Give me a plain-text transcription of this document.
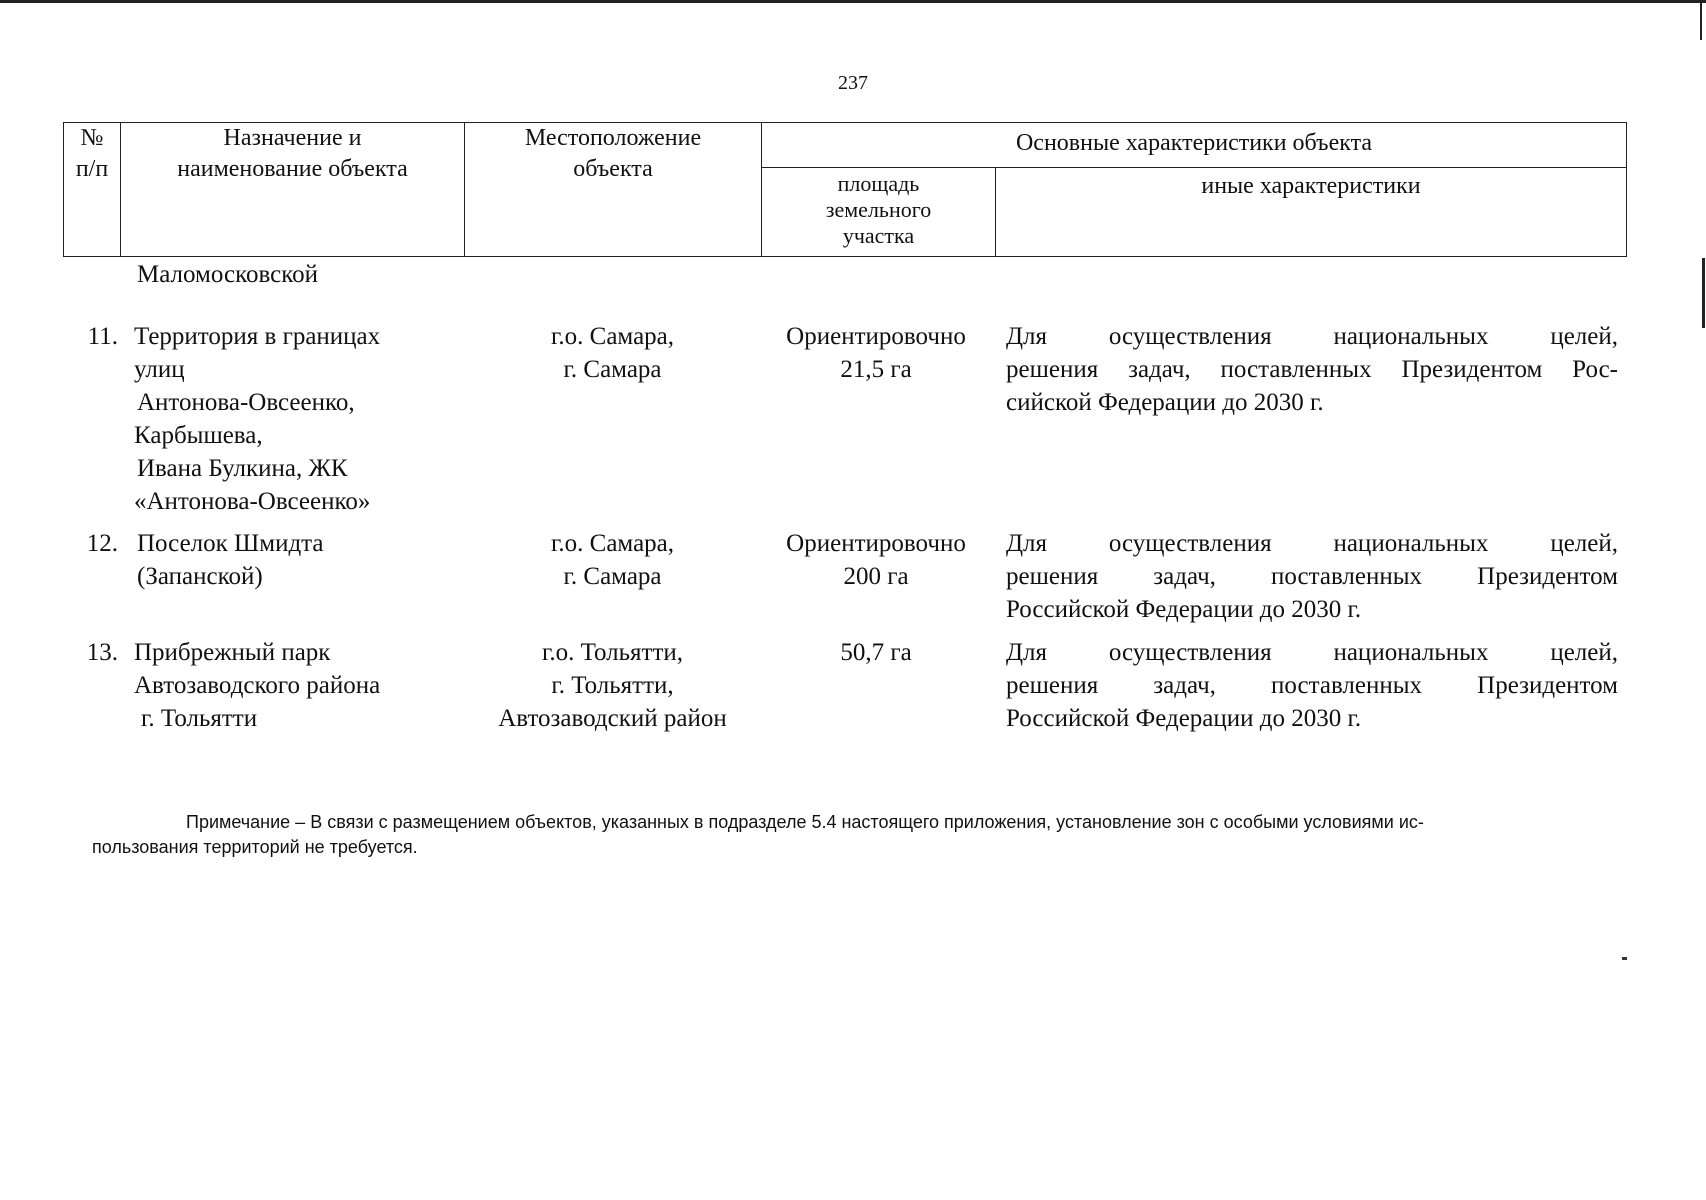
237
№
п/п
Назначение и
наименование объекта
Местоположение
объекта
Основные характеристики объекта
площадь
земельного
участка
иные характеристики
Маломосковской
11. Территория в границах
улиц
Антонова-Овсеенко,
Карбышева,
Ивана Булкина, ЖК
«Антонова-Овсеенко»
г.о. Самара,
г. Самара
Ориентировочно
21,5 га
Для осуществления национальных целей,
решения задач, поставленных Президентом Рос-
сийской Федерации до 2030 г.
12. Поселок Шмидта
(Запанской)
г.о. Самара,
г. Самара
Ориентировочно
200 га
Для осуществления национальных целей,
решения задач, поставленных Президентом
Российской Федерации до 2030 г.
13. Прибрежный парк
Автозаводского района
г. Тольятти
г.о. Тольятти,
г. Тольятти,
Автозаводский район
50,7 га	Для осуществления национальных целей,
решения задач, поставленных Президентом
Российской Федерации до 2030 г.
Примечание – В связи с размещением объектов, указанных в подразделе 5.4 настоящего приложения, установление зон с особыми условиями ис-
пользования территорий не требуется.
